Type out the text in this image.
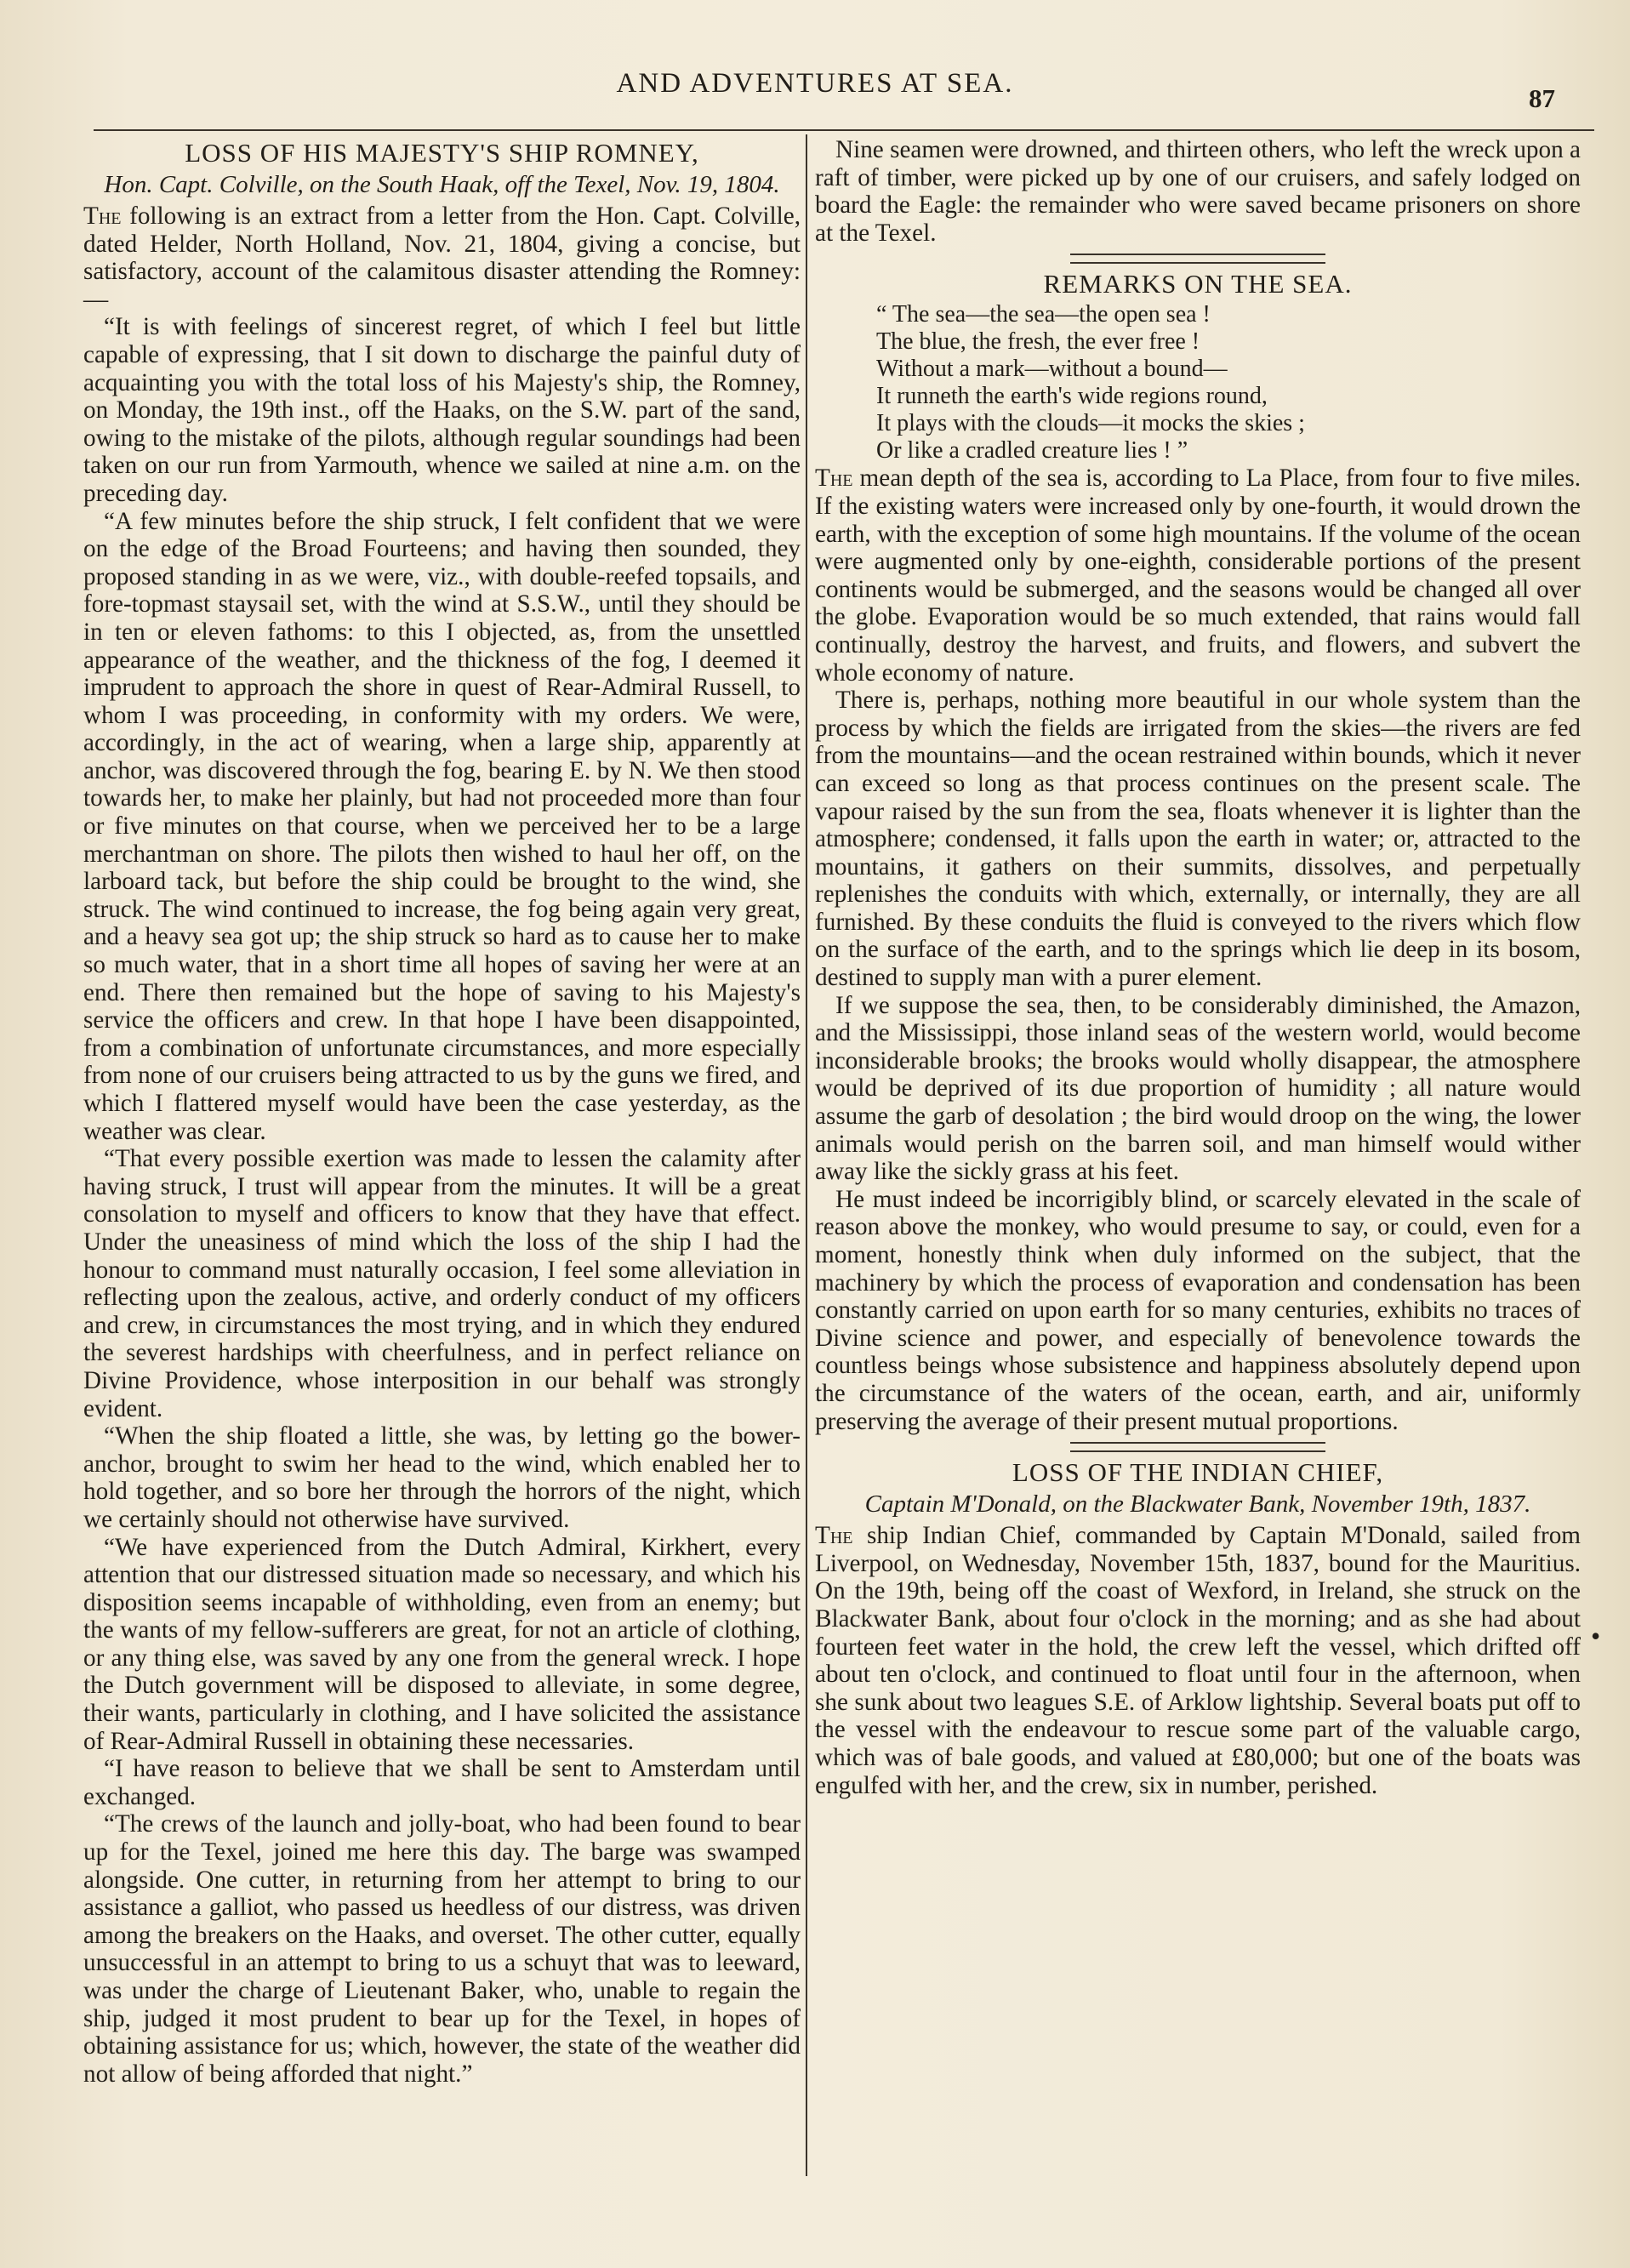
AND ADVENTURES AT SEA.	87
LOSS OF HIS MAJESTY'S SHIP ROMNEY,
Hon. Capt. Colville, on the South Haak, off the Texel, Nov. 19, 1804.

The following is an extract from a letter from the Hon. Capt. Colville, dated Helder, North Holland, Nov. 21, 1804, giving a concise, but satisfactory, account of the calamitous disaster attending the Romney:—

“It is with feelings of sincerest regret, of which I feel but little capable of expressing, that I sit down to discharge the painful duty of acquainting you with the total loss of his Majesty's ship, the Romney, on Monday, the 19th inst., off the Haaks, on the S.W. part of the sand, owing to the mistake of the pilots, although regular soundings had been taken on our run from Yarmouth, whence we sailed at nine a.m. on the preceding day.

“A few minutes before the ship struck, I felt confident that we were on the edge of the Broad Fourteens; and having then sounded, they proposed standing in as we were, viz., with double-reefed topsails, and fore-topmast staysail set, with the wind at S.S.W., until they should be in ten or eleven fathoms: to this I objected, as, from the unsettled appearance of the weather, and the thickness of the fog, I deemed it imprudent to approach the shore in quest of Rear-Admiral Russell, to whom I was proceeding, in conformity with my orders. We were, accordingly, in the act of wearing, when a large ship, apparently at anchor, was discovered through the fog, bearing E. by N. We then stood towards her, to make her plainly, but had not proceeded more than four or five minutes on that course, when we perceived her to be a large merchantman on shore. The pilots then wished to haul her off, on the larboard tack, but before the ship could be brought to the wind, she struck. The wind continued to increase, the fog being again very great, and a heavy sea got up; the ship struck so hard as to cause her to make so much water, that in a short time all hopes of saving her were at an end. There then remained but the hope of saving to his Majesty's service the officers and crew. In that hope I have been disappointed, from a combination of unfortunate circumstances, and more especially from none of our cruisers being attracted to us by the guns we fired, and which I flattered myself would have been the case yesterday, as the weather was clear.

“That every possible exertion was made to lessen the calamity after having struck, I trust will appear from the minutes. It will be a great consolation to myself and officers to know that they have that effect. Under the uneasiness of mind which the loss of the ship I had the honour to command must naturally occasion, I feel some alleviation in reflecting upon the zealous, active, and orderly conduct of my officers and crew, in circumstances the most trying, and in which they endured the severest hardships with cheerfulness, and in perfect reliance on Divine Providence, whose interposition in our behalf was strongly evident.

“When the ship floated a little, she was, by letting go the bower-anchor, brought to swim her head to the wind, which enabled her to hold together, and so bore her through the horrors of the night, which we certainly should not otherwise have survived.

“We have experienced from the Dutch Admiral, Kirkhert, every attention that our distressed situation made so necessary, and which his disposition seems incapable of withholding, even from an enemy; but the wants of my fellow-sufferers are great, for not an article of clothing, or any thing else, was saved by any one from the general wreck. I hope the Dutch government will be disposed to alleviate, in some degree, their wants, particularly in clothing, and I have solicited the assistance of Rear-Admiral Russell in obtaining these necessaries.

“I have reason to believe that we shall be sent to Amsterdam until exchanged.

“The crews of the launch and jolly-boat, who had been found to bear up for the Texel, joined me here this day. The barge was swamped alongside. One cutter, in returning from her attempt to bring to our assistance a galliot, who passed us heedless of our distress, was driven among the breakers on the Haaks, and overset. The other cutter, equally unsuccessful in an attempt to bring to us a schuyt that was to leeward, was under the charge of Lieutenant Baker, who, unable to regain the ship, judged it most prudent to bear up for the Texel, in hopes of obtaining assistance for us; which, however, the state of the weather did not allow of being afforded that night.”

Nine seamen were drowned, and thirteen others, who left the wreck upon a raft of timber, were picked up by one of our cruisers, and safely lodged on board the Eagle: the remainder who were saved became prisoners on shore at the Texel.

REMARKS ON THE SEA.
“ The sea—the sea—the open sea !
The blue, the fresh, the ever free !
Without a mark—without a bound—
It runneth the earth's wide regions round,
It plays with the clouds—it mocks the skies ;
Or like a cradled creature lies ! ”

The mean depth of the sea is, according to La Place, from four to five miles. If the existing waters were increased only by one-fourth, it would drown the earth, with the exception of some high mountains. If the volume of the ocean were augmented only by one-eighth, considerable portions of the present continents would be submerged, and the seasons would be changed all over the globe. Evaporation would be so much extended, that rains would fall continually, destroy the harvest, and fruits, and flowers, and subvert the whole economy of nature.

There is, perhaps, nothing more beautiful in our whole system than the process by which the fields are irrigated from the skies—the rivers are fed from the mountains—and the ocean restrained within bounds, which it never can exceed so long as that process continues on the present scale. The vapour raised by the sun from the sea, floats whenever it is lighter than the atmosphere; condensed, it falls upon the earth in water; or, attracted to the mountains, it gathers on their summits, dissolves, and perpetually replenishes the conduits with which, externally, or internally, they are all furnished. By these conduits the fluid is conveyed to the rivers which flow on the surface of the earth, and to the springs which lie deep in its bosom, destined to supply man with a purer element.

If we suppose the sea, then, to be considerably diminished, the Amazon, and the Mississippi, those inland seas of the western world, would become inconsiderable brooks; the brooks would wholly disappear, the atmosphere would be deprived of its due proportion of humidity ; all nature would assume the garb of desolation ; the bird would droop on the wing, the lower animals would perish on the barren soil, and man himself would wither away like the sickly grass at his feet.

He must indeed be incorrigibly blind, or scarcely elevated in the scale of reason above the monkey, who would presume to say, or could, even for a moment, honestly think when duly informed on the subject, that the machinery by which the process of evaporation and condensation has been constantly carried on upon earth for so many centuries, exhibits no traces of Divine science and power, and especially of benevolence towards the countless beings whose subsistence and happiness absolutely depend upon the circumstance of the waters of the ocean, earth, and air, uniformly preserving the average of their present mutual proportions.

LOSS OF THE INDIAN CHIEF,
Captain M'Donald, on the Blackwater Bank, November 19th, 1837.

The ship Indian Chief, commanded by Captain M'Donald, sailed from Liverpool, on Wednesday, November 15th, 1837, bound for the Mauritius. On the 19th, being off the coast of Wexford, in Ireland, she struck on the Blackwater Bank, about four o'clock in the morning; and as she had about fourteen feet water in the hold, the crew left the vessel, which drifted off about ten o'clock, and continued to float until four in the afternoon, when she sunk about two leagues S.E. of Arklow lightship. Several boats put off to the vessel with the endeavour to rescue some part of the valuable cargo, which was of bale goods, and valued at £80,000; but one of the boats was engulfed with her, and the crew, six in number, perished.

•
